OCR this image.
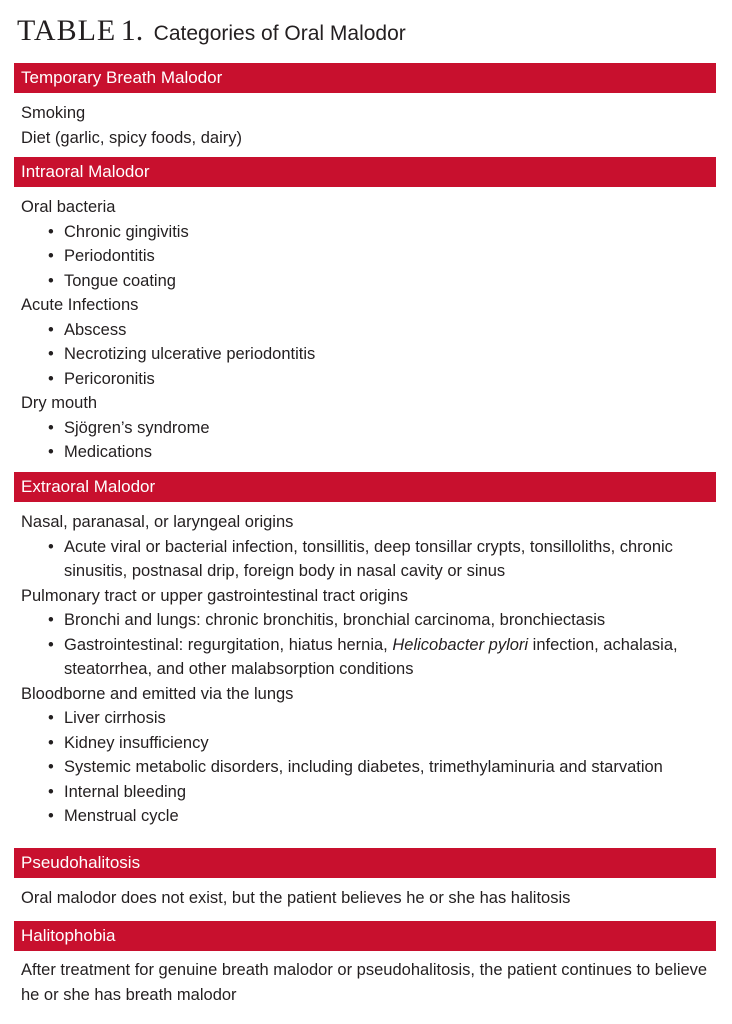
TABLE 1. Categories of Oral Malodor
Temporary Breath Malodor
Smoking
Diet (garlic, spicy foods, dairy)
Intraoral Malodor
Oral bacteria
• Chronic gingivitis
• Periodontitis
• Tongue coating
Acute Infections
• Abscess
• Necrotizing ulcerative periodontitis
• Pericoronitis
Dry mouth
• Sjögren’s syndrome
• Medications
Extraoral Malodor
Nasal, paranasal, or laryngeal origins
• Acute viral or bacterial infection, tonsillitis, deep tonsillar crypts, tonsilloliths, chronic sinusitis, postnasal drip, foreign body in nasal cavity or sinus
Pulmonary tract or upper gastrointestinal tract origins
• Bronchi and lungs: chronic bronchitis, bronchial carcinoma, bronchiectasis
• Gastrointestinal: regurgitation, hiatus hernia, Helicobacter pylori infection, achalasia, steatorrhea, and other malabsorption conditions
Bloodborne and emitted via the lungs
• Liver cirrhosis
• Kidney insufficiency
• Systemic metabolic disorders, including diabetes, trimethylaminuria and starvation
• Internal bleeding
• Menstrual cycle
Pseudohalitosis
Oral malodor does not exist, but the patient believes he or she has halitosis
Halitophobia
After treatment for genuine breath malodor or pseudohalitosis, the patient continues to believe he or she has breath malodor
